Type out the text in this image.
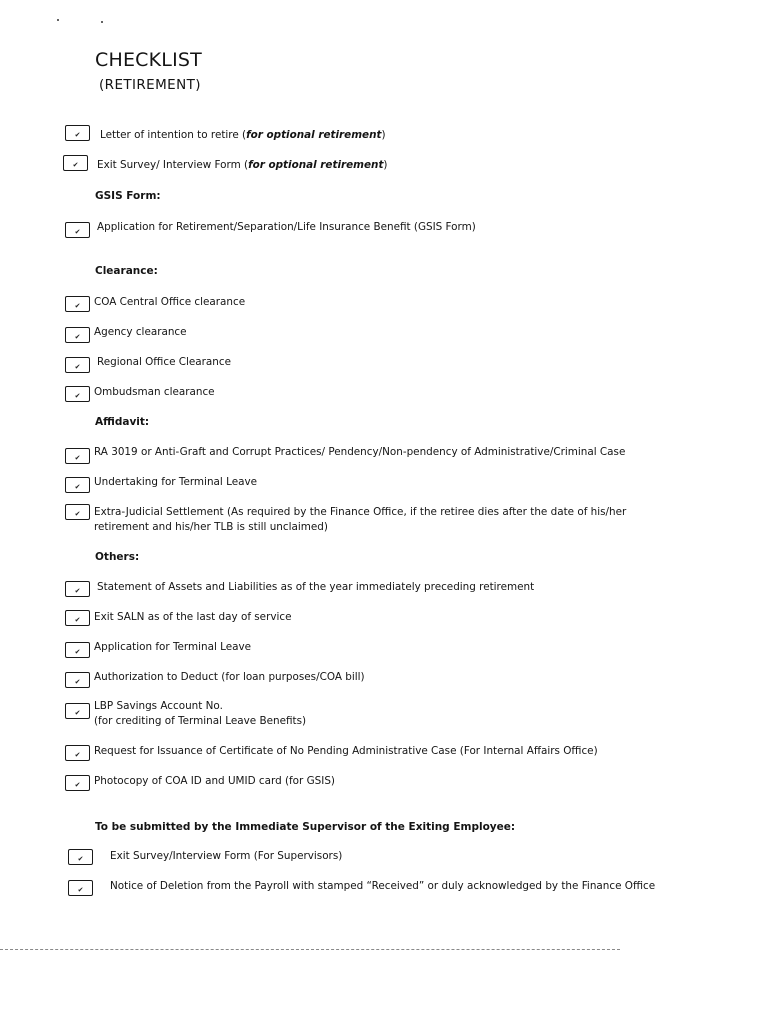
CHECKLIST
(RETIREMENT)
✔ Letter of intention to retire (for optional retirement)
✔ Exit Survey/ Interview Form (for optional retirement)
GSIS Form:
✔ Application for Retirement/Separation/Life Insurance Benefit (GSIS Form)
Clearance:
✔ COA Central Office clearance
✔ Agency clearance
✔ Regional Office Clearance
✔ Ombudsman clearance
Affidavit:
✔ RA 3019 or Anti-Graft and Corrupt Practices/ Pendency/Non-pendency of Administrative/Criminal Case
✔ Undertaking for Terminal Leave
✔ Extra-Judicial Settlement (As required by the Finance Office, if the retiree dies after the date of his/her
retirement and his/her TLB is still unclaimed)
Others:
✔ Statement of Assets and Liabilities as of the year immediately preceding retirement
✔ Exit SALN as of the last day of service
✔ Application for Terminal Leave
✔ Authorization to Deduct (for loan purposes/COA bill)
✔
LBP Savings Account No.
(for crediting of Terminal Leave Benefits)
✔ Request for Issuance of Certificate of No Pending Administrative Case (For Internal Affairs Office)
✔ Photocopy of COA ID and UMID card (for GSIS)
To be submitted by the Immediate Supervisor of the Exiting Employee:
✔	Exit Survey/Interview Form (For Supervisors)
✔	Notice of Deletion from the Payroll with stamped “Received” or duly acknowledged by the Finance Office
